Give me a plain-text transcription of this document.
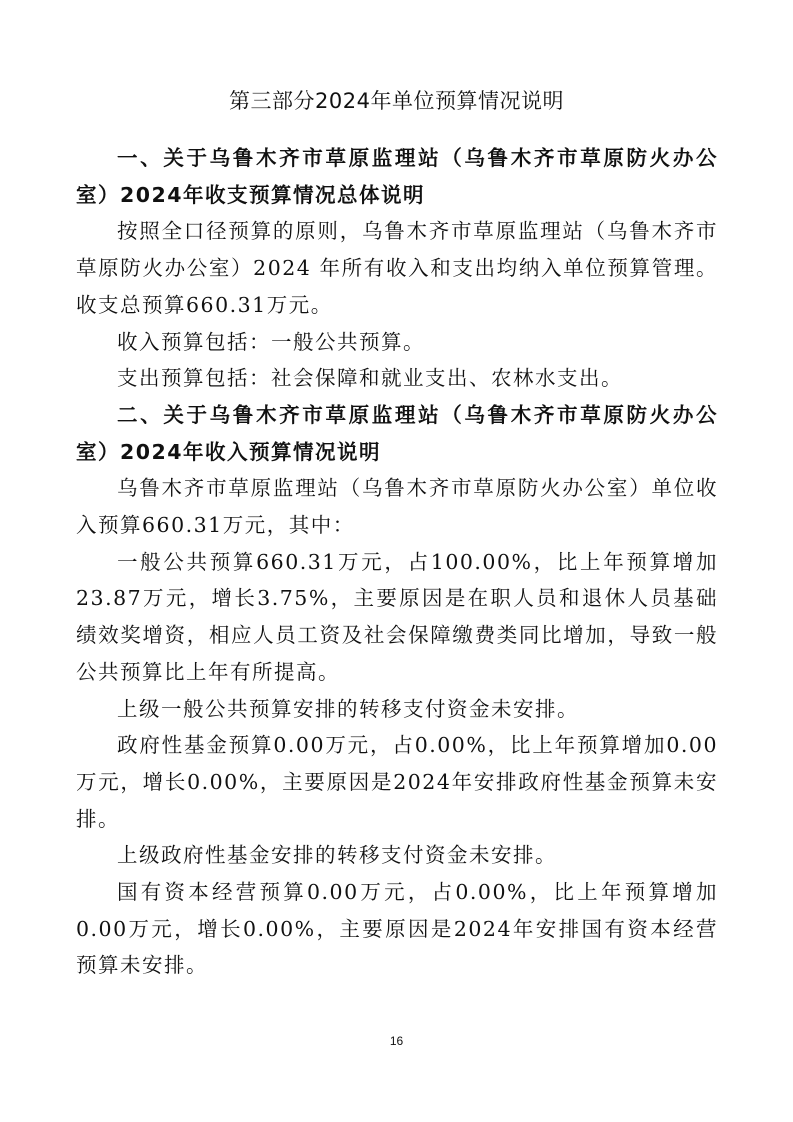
第三部分2024年单位预算情况说明
一、关于乌鲁木齐市草原监理站（乌鲁木齐市草原防火办公室）2024年收支预算情况总体说明

按照全口径预算的原则，乌鲁木齐市草原监理站（乌鲁木齐市草原防火办公室）2024 年所有收入和支出均纳入单位预算管理。收支总预算660.31万元。

收入预算包括：一般公共预算。

支出预算包括：社会保障和就业支出、农林水支出。

二、关于乌鲁木齐市草原监理站（乌鲁木齐市草原防火办公室）2024年收入预算情况说明

乌鲁木齐市草原监理站（乌鲁木齐市草原防火办公室）单位收入预算660.31万元，其中：

一般公共预算660.31万元，占100.00%，比上年预算增加23.87万元，增长3.75%，主要原因是在职人员和退休人员基础绩效奖增资，相应人员工资及社会保障缴费类同比增加，导致一般公共预算比上年有所提高。

上级一般公共预算安排的转移支付资金未安排。

政府性基金预算0.00万元，占0.00%，比上年预算增加0.00万元，增长0.00%，主要原因是2024年安排政府性基金预算未安排。

上级政府性基金安排的转移支付资金未安排。

国有资本经营预算0.00万元，占0.00%，比上年预算增加0.00万元，增长0.00%，主要原因是2024年安排国有资本经营预算未安排。

16
